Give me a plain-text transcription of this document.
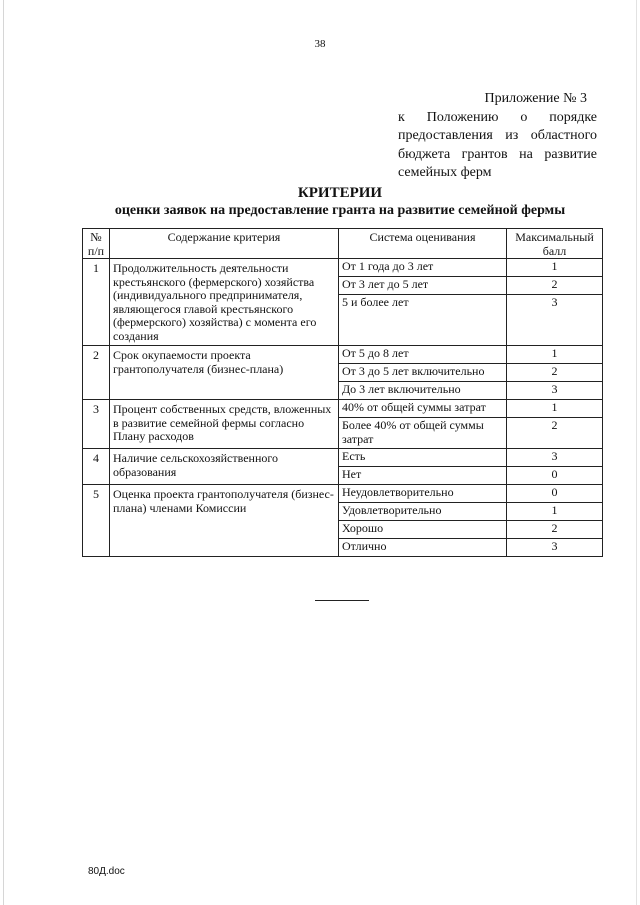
38
Приложение № 3
к Положению о порядке
предоставления из областного
бюджета грантов на развитие
семейных ферм
КРИТЕРИИ
оценки заявок на предоставление гранта на развитие семейной фермы
№ п/п	Содержание критерия	Система оценивания	Максимальный балл
1	Продолжительность деятельности крестьянского (фермерского) хозяйства (индивидуального предпринимателя, являющегося главой крестьянского (фермерского) хозяйства) с момента его создания	От 1 года до 3 лет	1
		От 3 лет до 5 лет	2
		5 и более лет	3
2	Срок окупаемости проекта грантополучателя (бизнес-плана)	От 5 до 8 лет	1
		От 3 до 5 лет включительно	2
		До 3 лет включительно	3
3	Процент собственных средств, вложенных в развитие семейной фермы согласно Плану расходов	40% от общей суммы затрат	1
		Более 40% от общей суммы затрат	2
4	Наличие сельскохозяйственного образования	Есть	3
		Нет	0
5	Оценка проекта грантополучателя (бизнес-плана) членами Комиссии	Неудовлетворительно	0
		Удовлетворительно	1
		Хорошо	2
		Отлично	3
80Д.doc
